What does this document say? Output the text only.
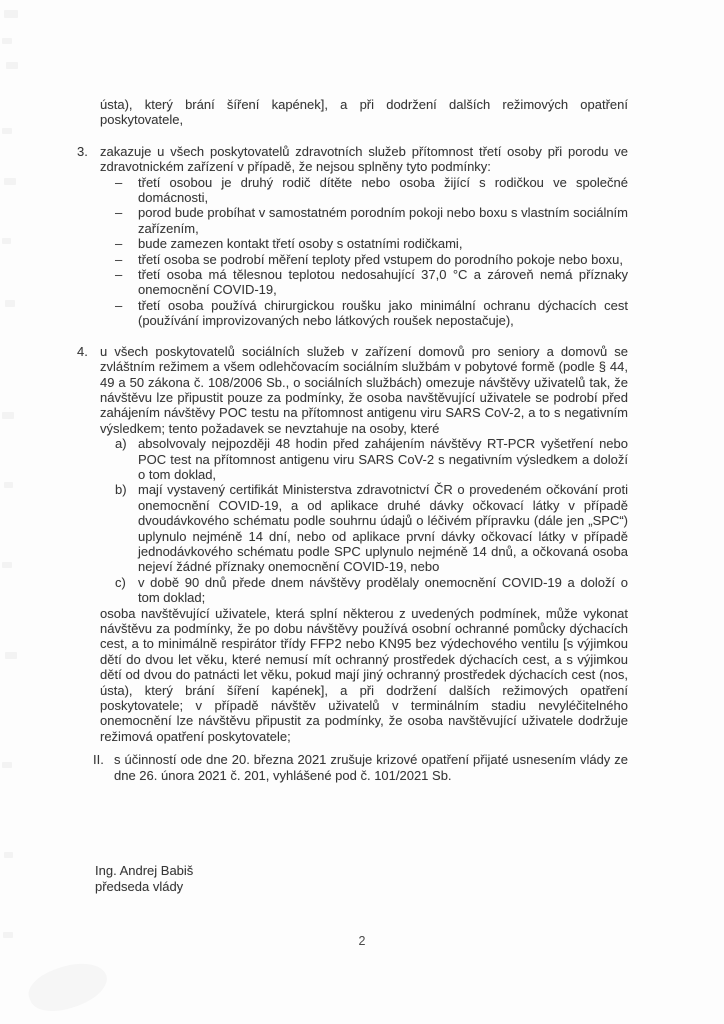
ústa), který brání šíření kapének], a při dodržení dalších režimových opatření poskytovatele,

3. zakazuje u všech poskytovatelů zdravotních služeb přítomnost třetí osoby při porodu ve zdravotnickém zařízení v případě, že nejsou splněny tyto podmínky:

– třetí osobou je druhý rodič dítěte nebo osoba žijící s rodičkou ve společné domácnosti,

– porod bude probíhat v samostatném porodním pokoji nebo boxu s vlastním sociálním zařízením,

– bude zamezen kontakt třetí osoby s ostatními rodičkami,

– třetí osoba se podrobí měření teploty před vstupem do porodního pokoje nebo boxu,

– třetí osoba má tělesnou teplotou nedosahující 37,0 °C a zároveň nemá příznaky onemocnění COVID-19,

– třetí osoba používá chirurgickou roušku jako minimální ochranu dýchacích cest (používání improvizovaných nebo látkových roušek nepostačuje),

4. u všech poskytovatelů sociálních služeb v zařízení domovů pro seniory a domovů se zvláštním režimem a všem odlehčovacím sociálním službám v pobytové formě (podle § 44, 49 a 50 zákona č. 108/2006 Sb., o sociálních službách) omezuje návštěvy uživatelů tak, že návštěvu lze připustit pouze za podmínky, že osoba navštěvující uživatele se podrobí před zahájením návštěvy POC testu na přítomnost antigenu viru SARS CoV-2, a to s negativním výsledkem; tento požadavek se nevztahuje na osoby, které

a) absolvovaly nejpozději 48 hodin před zahájením návštěvy RT-PCR vyšetření nebo POC test na přítomnost antigenu viru SARS CoV-2 s negativním výsledkem a doloží o tom doklad,

b) mají vystavený certifikát Ministerstva zdravotnictví ČR o provedeném očkování proti onemocnění COVID-19, a od aplikace druhé dávky očkovací látky v případě dvoudávkového schématu podle souhrnu údajů o léčivém přípravku (dále jen „SPC“) uplynulo nejméně 14 dní, nebo od aplikace první dávky očkovací látky v případě jednodávkového schématu podle SPC uplynulo nejméně 14 dnů, a očkovaná osoba nejeví žádné příznaky onemocnění COVID-19, nebo

c) v době 90 dnů přede dnem návštěvy prodělaly onemocnění COVID-19 a doloží o tom doklad;

osoba navštěvující uživatele, která splní některou z uvedených podmínek, může vykonat návštěvu za podmínky, že po dobu návštěvy používá osobní ochranné pomůcky dýchacích cest, a to minimálně respirátor třídy FFP2 nebo KN95 bez výdechového ventilu [s výjimkou dětí do dvou let věku, které nemusí mít ochranný prostředek dýchacích cest, a s výjimkou dětí od dvou do patnácti let věku, pokud mají jiný ochranný prostředek dýchacích cest (nos, ústa), který brání šíření kapének], a při dodržení dalších režimových opatření poskytovatele; v případě návštěv uživatelů v terminálním stadiu nevyléčitelného onemocnění lze návštěvu připustit za podmínky, že osoba navštěvující uživatele dodržuje režimová opatření poskytovatele;

II. s účinností ode dne 20. března 2021 zrušuje krizové opatření přijaté usnesením vlády ze dne 26. února 2021 č. 201, vyhlášené pod č. 101/2021 Sb.

Ing. Andrej Babiš
předseda vlády
2
